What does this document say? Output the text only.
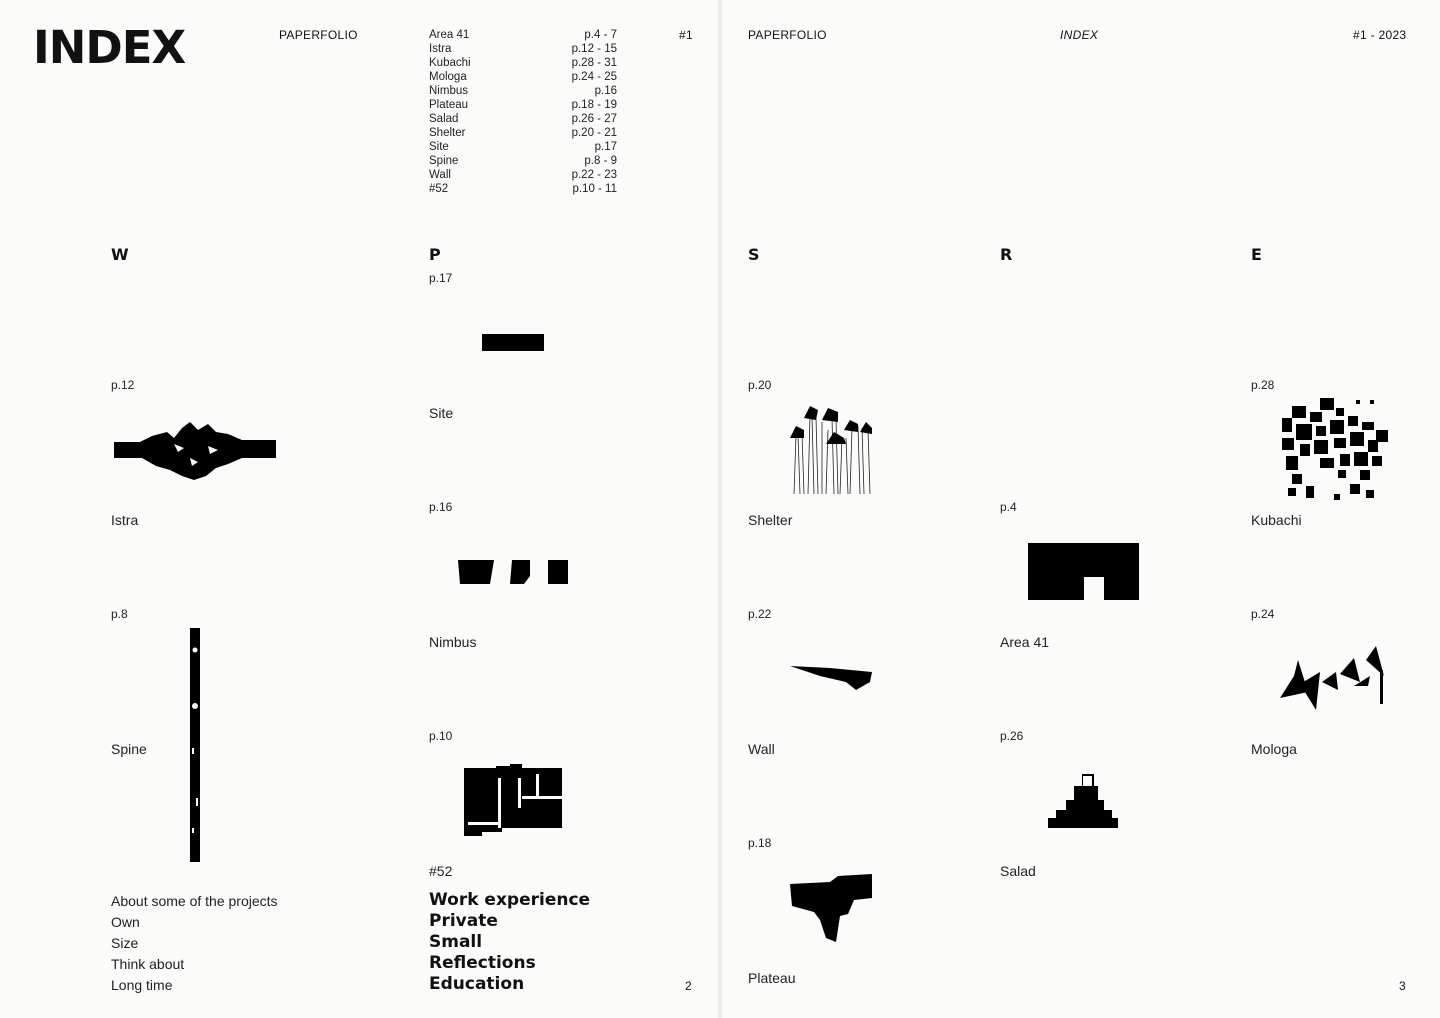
INDEX	PAPERFOLIO	#1
Area 41	p.4 - 7
Istra	p.12 - 15
Kubachi	p.28 - 31
Mologa	p.24 - 25
Nimbus	p.16
Plateau	p.18 - 19
Salad	p.26 - 27
Shelter	p.20 - 21
Site	p.17
Spine	p.8 - 9
Wall	p.22 - 23
#52	p.10 - 11
W	P
p.12
Istra
p.8
Spine
p.17
Site
p.16
Nimbus
p.10
#52
About some of the projects
Own
Size
Think about
Long time
Work experience
Private
Small
Reflections
Education	2
PAPERFOLIO	INDEX	#1 - 2023
S	R	E
p.20
Shelter
p.22
Wall
p.18
Plateau
p.4
Area 41
p.26
Salad
p.28
Kubachi
p.24
Mologa
3
